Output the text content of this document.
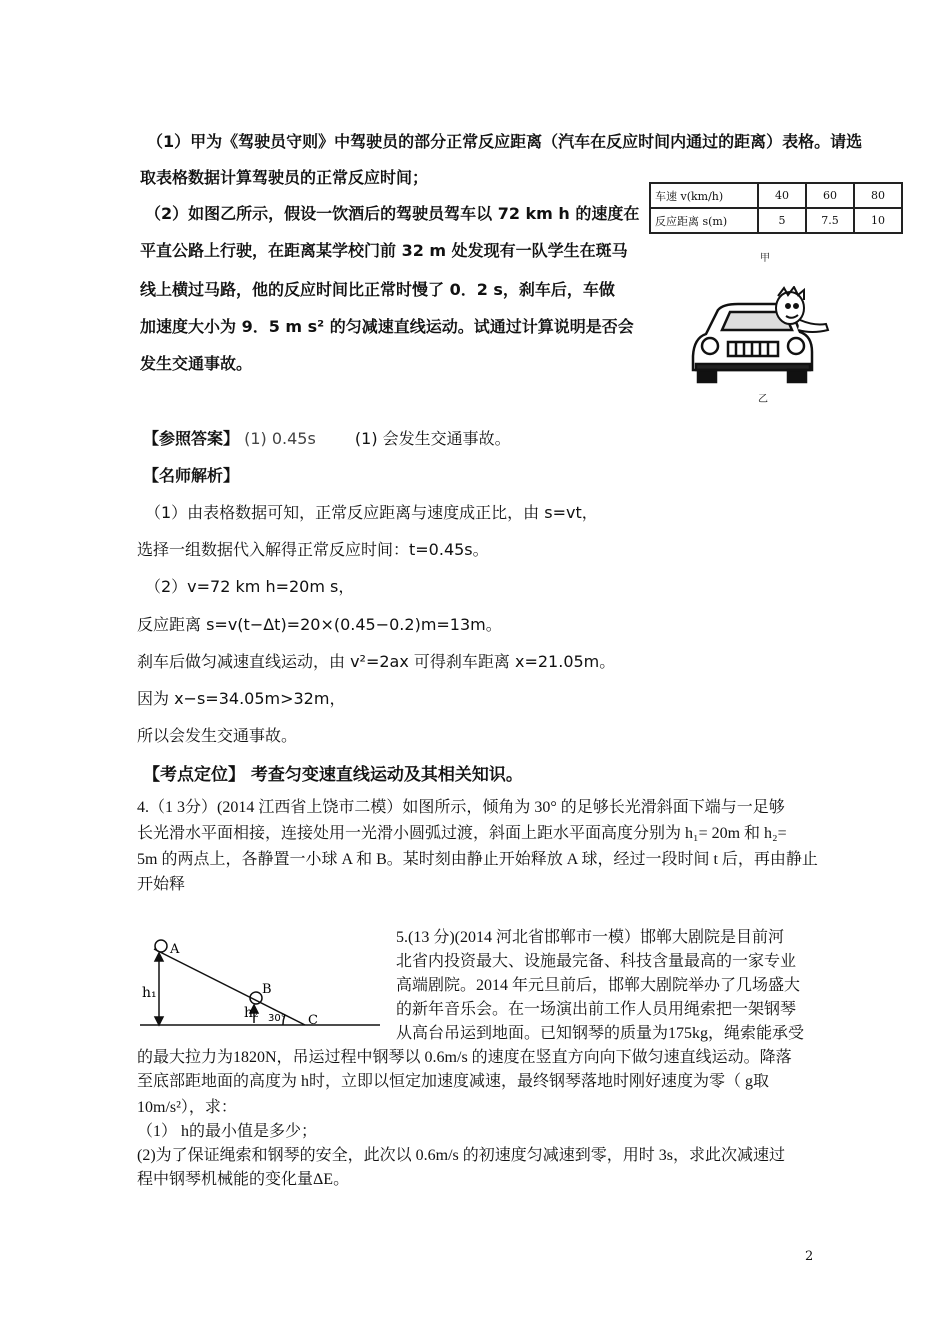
（1）甲为《驾驶员守则》中驾驶员的部分正常反应距离（汽车在反应时间内通过的距离）表格。请选
取表格数据计算驾驶员的正常反应时间；
（2）如图乙所示，假设一饮酒后的驾驶员驾车以 72 km h 的速度在
平直公路上行驶，在距离某学校门前 32 m 处发现有一队学生在斑马
线上横过马路，他的反应时间比正常时慢了 0．2 s，刹车后，车做
加速度大小为 9．5 m s² 的匀减速直线运动。试通过计算说明是否会
发生交通事故。
车速 v(km/h)	40	60	80
反应距离 s(m)	5	7.5	10
甲
乙
【参照答案】 (1) 0.45s (1) 会发生交通事故。
【名师解析】
（1）由表格数据可知，正常反应距离与速度成正比，由 s=vt，
选择一组数据代入解得正常反应时间：t=0.45s。
（2）v=72 km h=20m s，
反应距离 s=v(t−Δt)=20×(0.45−0.2)m=13m。
刹车后做匀减速直线运动，由 v²=2ax 可得刹车距离 x=21.05m。
因为 x−s=34.05m>32m，
所以会发生交通事故。
【考点定位】 考查匀变速直线运动及其相关知识。
4.（1 3分）(2014 江西省上饶市二模）如图所示，倾角为 30° 的足够长光滑斜面下端与一足够
长光滑水平面相接，连接处用一光滑小圆弧过渡，斜面上距水平面高度分别为 h₁= 20m 和 h₂=
5m 的两点上，各静置一小球 A 和 B。某时刻由静止开始释放 A 球，经过一段时间 t 后，再由静止
开始释
A
B
C
h₁
h₂ 30°
5.(13 分)(2014 河北省邯郸市一模）邯郸大剧院是目前河
北省内投资最大、设施最完备、科技含量最高的一家专业
高端剧院。2014 年元旦前后，邯郸大剧院举办了几场盛大
的新年音乐会。在一场演出前工作人员用绳索把一架钢琴
从高台吊运到地面。已知钢琴的质量为175kg，绳索能承受
的最大拉力为1820N，吊运过程中钢琴以 0.6m/s 的速度在竖直方向向下做匀速直线运动。降落
至底部距地面的高度为 h时，立即以恒定加速度减速，最终钢琴落地时刚好速度为零（ g取
10m/s²），求：
（1） h的最小值是多少；
(2)为了保证绳索和钢琴的安全，此次以 0.6m/s 的初速度匀减速到零，用时 3s，求此次减速过
程中钢琴机械能的变化量ΔE。
2
